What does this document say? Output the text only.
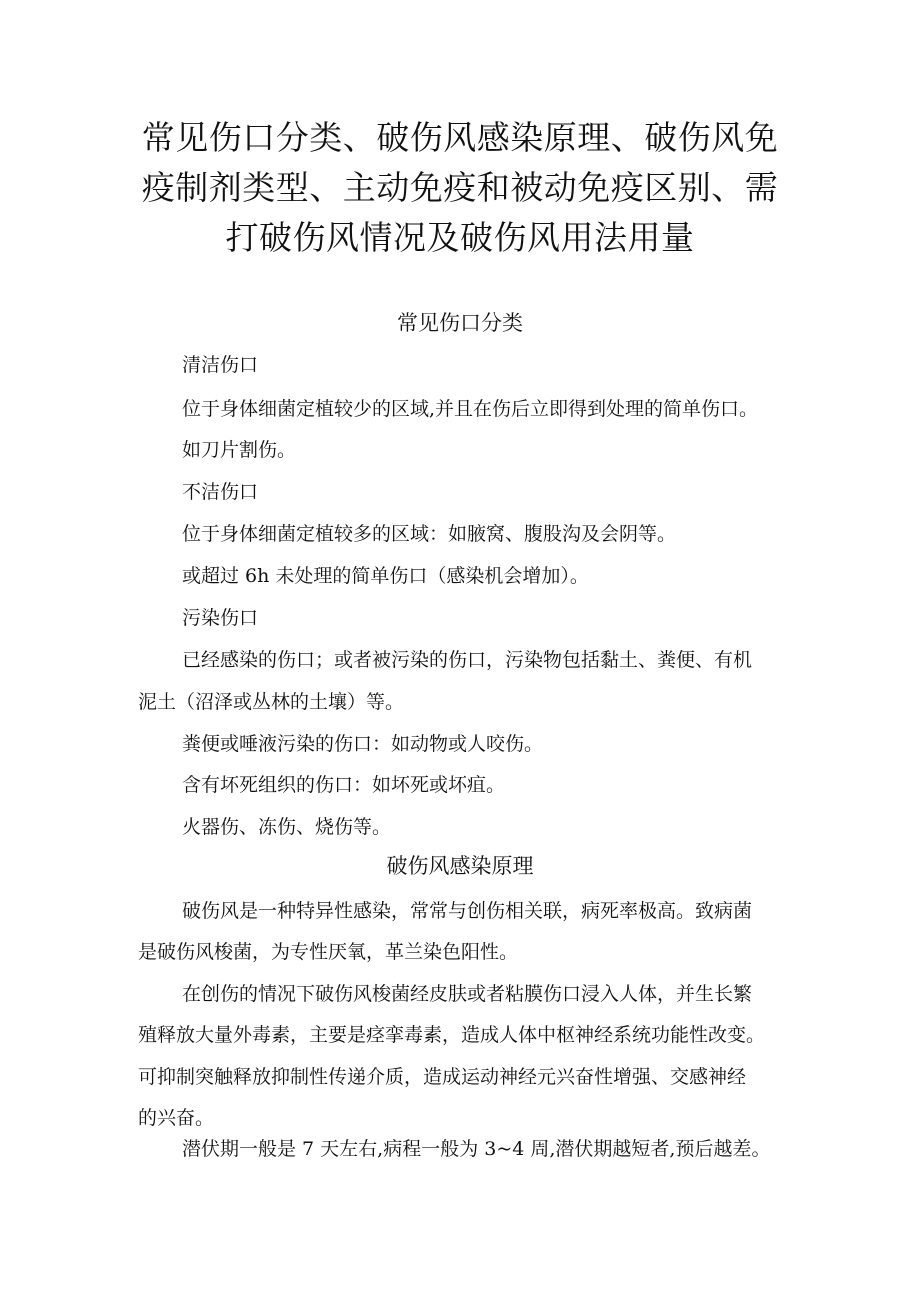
常见伤口分类、破伤风感染原理、破伤风免
疫制剂类型、主动免疫和被动免疫区别、需
打破伤风情况及破伤风用法用量
常见伤口分类
清洁伤口
位于身体细菌定植较少的区域,并且在伤后立即得到处理的简单伤口。
如刀片割伤。
不洁伤口
位于身体细菌定植较多的区域：如腋窝、腹股沟及会阴等。
或超过 6h 未处理的简单伤口（感染机会增加）。
污染伤口
已经感染的伤口；或者被污染的伤口，污染物包括黏土、粪便、有机
泥土（沼泽或丛林的土壤）等。
粪便或唾液污染的伤口：如动物或人咬伤。
含有坏死组织的伤口：如坏死或坏疽。
火器伤、冻伤、烧伤等。
破伤风感染原理
破伤风是一种特异性感染，常常与创伤相关联，病死率极高。致病菌
是破伤风梭菌，为专性厌氧，革兰染色阳性。
在创伤的情况下破伤风梭菌经皮肤或者粘膜伤口浸入人体，并生长繁
殖释放大量外毒素，主要是痉挛毒素，造成人体中枢神经系统功能性改变。
可抑制突触释放抑制性传递介质，造成运动神经元兴奋性增强、交感神经
的兴奋。
潜伏期一般是 7 天左右,病程一般为 3~4 周,潜伏期越短者,预后越差。
